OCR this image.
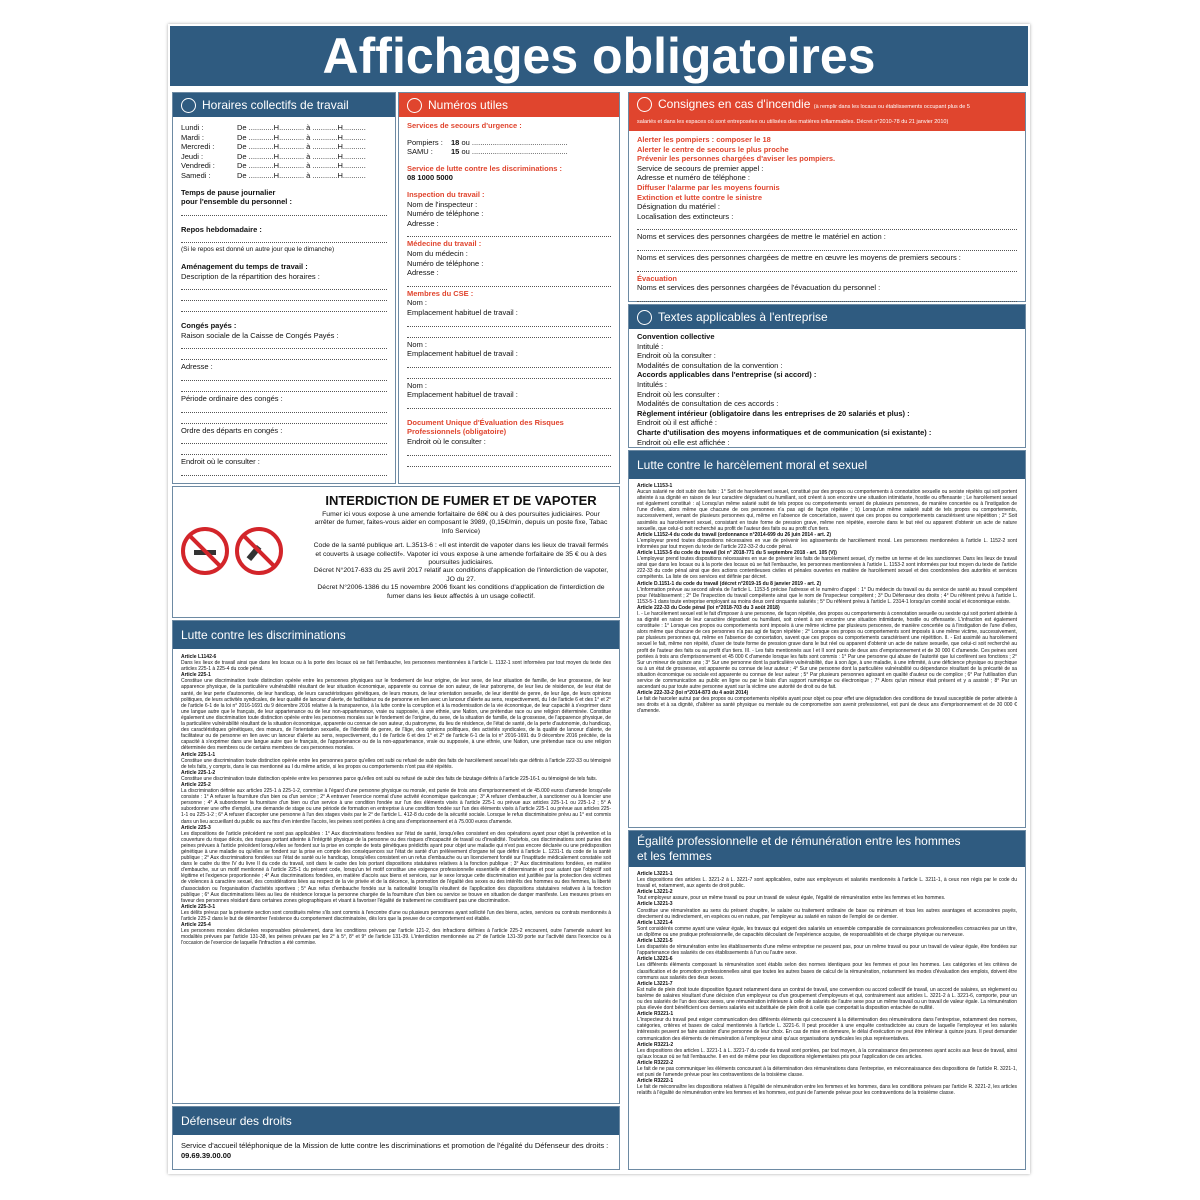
Affichages obligatoires
Horaires collectifs de travail
Lundi :	De ............H............ à ............H...........
Mardi :	De ............H............ à ............H...........
Mercredi :	De ............H............ à ............H...........
Jeudi :	De ............H............ à ............H...........
Vendredi :	De ............H............ à ............H...........
Samedi :	De ............H............ à ............H...........
Temps de pause journalier
pour l'ensemble du personnel :
Repos hebdomadaire :
(Si le repos est donné un autre jour que le dimanche)
Aménagement du temps de travail :
Description de la répartition des horaires :
Congés payés :
Raison sociale de la Caisse de Congés Payés :
Adresse :
Période ordinaire des congés :
Ordre des départs en congés :
Endroit où le consulter :
Numéros utiles
Services de secours d'urgence :
Pompiers : 18 ou ..............................................
SAMU : 15 ou ..............................................
Service de lutte contre les discriminations :
08 1000 5000
Inspection du travail :
Nom de l'inspecteur :
Numéro de téléphone :
Adresse :
Médecine du travail :
Nom du médecin :
Numéro de téléphone :
Adresse :
Membres du CSE :
Nom :
Emplacement habituel de travail :
Nom :
Emplacement habituel de travail :
Nom :
Emplacement habituel de travail :
Document Unique d'Évaluation des Risques
Professionnels (obligatoire)
Endroit où le consulter :
Consignes en cas d'incendie (à remplir dans les locaux ou établissements occupant plus de 5
salariés et dans les espaces où sont entreposées ou utilisées des matières inflammables. Décret n°2010-78 du 21 janvier 2010)
Alerter les pompiers : composer le 18
Alerter le centre de secours le plus proche
Prévenir les personnes chargées d'aviser les pompiers.
Service de secours de premier appel :
Adresse et numéro de téléphone :
Diffuser l'alarme par les moyens fournis
Extinction et lutte contre le sinistre
Désignation du matériel :
Localisation des extincteurs :
Noms et services des personnes chargées de mettre le matériel en action :
Noms et services des personnes chargées de mettre en œuvre les moyens de premiers secours :
Évacuation
Noms et services des personnes chargées de l'évacuation du personnel :
Textes applicables à l'entreprise
Convention collective
Intitulé :
Endroit où la consulter :
Modalités de consultation de la convention :
Accords applicables dans l'entreprise (si accord) :
Intitulés :
Endroit où les consulter :
Modalités de consultation de ces accords :
Règlement intérieur (obligatoire dans les entreprises de 20 salariés et plus) :
Endroit où il est affiché :
Charte d'utilisation des moyens informatiques et de communication (si existante) :
Endroit où elle est affichée :
INTERDICTION DE FUMER ET DE VAPOTER
Fumer ici vous expose à une amende forfaitaire de 68€ ou à des poursuites judiciaires. Pour arrêter de fumer, faites-vous aider en composant le 3989, (0,15€/min, depuis un poste fixe, Tabac Info Service)
Code de la santé publique art. L.3513-6 : «Il est interdit de vapoter dans les lieux de travail fermés et couverts à usage collectif». Vapoter ici vous expose à une amende forfaitaire de 35 € ou à des poursuites judiciaires.
Décret N°2017-633 du 25 avril 2017 relatif aux conditions d'application de l'interdiction de vapoter, JO du 27.
Décret N°2006-1386 du 15 novembre 2006 fixant les conditions d'application de l'interdiction de fumer dans les lieux affectés à un usage collectif.
Lutte contre les discriminations
Article L1142-6
Dans les lieux de travail ainsi que dans les locaux ou à la porte des locaux où se fait l'embauche, les personnes mentionnées à l'article L. 1132-1 sont informées par tout moyen du texte des articles 225-1 à 225-4 du code pénal.
Article 225-1
Constitue une discrimination toute distinction opérée entre les personnes physiques sur le fondement de leur origine, de leur sexe, de leur situation de famille, de leur grossesse, de leur apparence physique, de la particulière vulnérabilité résultant de leur situation économique, apparente ou connue de son auteur, de leur patronyme, de leur lieu de résidence, de leur état de santé, de leur perte d'autonomie, de leur handicap, de leurs caractéristiques génétiques, de leurs mœurs, de leur orientation sexuelle, de leur identité de genre, de leur âge, de leurs opinions politiques, de leurs activités syndicales, de leur qualité de lanceur d'alerte, de facilitateur ou de personne en lien avec un lanceur d'alerte au sens, respectivement, du I de l'article 6 et des 1° et 2° de l'article 6-1 de la loi n° 2016-1691 du 9 décembre 2016 relative à la transparence, à la lutte contre la corruption et à la modernisation de la vie économique, de leur capacité à s'exprimer dans une langue autre que le français, de leur appartenance ou de leur non-appartenance, vraie ou supposée, à une ethnie, une Nation, une prétendue race ou une religion déterminée. Constitue également une discrimination toute distinction opérée entre les personnes morales sur le fondement de l'origine, du sexe, de la situation de famille, de la grossesse, de l'apparence physique, de la particulière vulnérabilité résultant de la situation économique, apparente ou connue de son auteur, du patronyme, du lieu de résidence, de l'état de santé, de la perte d'autonomie, du handicap, des caractéristiques génétiques, des mœurs, de l'orientation sexuelle, de l'identité de genre, de l'âge, des opinions politiques, des activités syndicales, de la qualité de lanceur d'alerte, de facilitateur ou de personne en lien avec un lanceur d'alerte au sens, respectivement, du I de l'article 6 et des 1° et 2° de l'article 6-1 de la loi n° 2016-1691 du 9 décembre 2016 précitée, de la capacité à s'exprimer dans une langue autre que le français, de l'appartenance ou de la non-appartenance, vraie ou supposée, à une ethnie, une Nation, une prétendue race ou une religion déterminée des membres ou de certains membres de ces personnes morales.
Article 225-1-1
Constitue une discrimination toute distinction opérée entre les personnes parce qu'elles ont subi ou refusé de subir des faits de harcèlement sexuel tels que définis à l'article 222-33 ou témoigné de tels faits, y compris, dans le cas mentionné au I du même article, si les propos ou comportements n'ont pas été répétés.
Article 225-1-2
Constitue une discrimination toute distinction opérée entre les personnes parce qu'elles ont subi ou refusé de subir des faits de bizutage définis à l'article 225-16-1 ou témoigné de tels faits.
Article 225-2
La discrimination définie aux articles 225-1 à 225-1-2, commise à l'égard d'une personne physique ou morale, est punie de trois ans d'emprisonnement et de 45.000 euros d'amende lorsqu'elle consiste : 1° A refuser la fourniture d'un bien ou d'un service ; 2° A entraver l'exercice normal d'une activité économique quelconque ; 3° A refuser d'embaucher, à sanctionner ou à licencier une personne ; 4° A subordonner la fourniture d'un bien ou d'un service à une condition fondée sur l'un des éléments visés à l'article 225-1 ou prévue aux articles 225-1-1 ou 225-1-2 ; 5° A subordonner une offre d'emploi, une demande de stage ou une période de formation en entreprise à une condition fondée sur l'un des éléments visés à l'article 225-1 ou prévue aux articles 225-1-1 ou 225-1-2 ; 6° A refuser d'accepter une personne à l'un des stages visés par le 2° de l'article L. 412-8 du code de la sécurité sociale. Lorsque le refus discriminatoire prévu au 1° est commis dans un lieu accueillant du public ou aux fins d'en interdire l'accès, les peines sont portées à cinq ans d'emprisonnement et à 75.000 euros d'amende.
Article 225-3
Les dispositions de l'article précédent ne sont pas applicables : 1° Aux discriminations fondées sur l'état de santé, lorsqu'elles consistent en des opérations ayant pour objet la prévention et la couverture du risque décès, des risques portant atteinte à l'intégrité physique de la personne ou des risques d'incapacité de travail ou d'invalidité. Toutefois, ces discriminations sont punies des peines prévues à l'article précédent lorsqu'elles se fondent sur la prise en compte de tests génétiques prédictifs ayant pour objet une maladie qui n'est pas encore déclarée ou une prédisposition génétique à une maladie ou qu'elles se fondent sur la prise en compte des conséquences sur l'état de santé d'un prélèvement d'organe tel que défini à l'article L. 1231-1 du code de la santé publique ; 2° Aux discriminations fondées sur l'état de santé ou le handicap, lorsqu'elles consistent en un refus d'embauche ou un licenciement fondé sur l'inaptitude médicalement constatée soit dans le cadre du titre IV du livre II du code du travail, soit dans le cadre des lois portant dispositions statutaires relatives à la fonction publique ; 3° Aux discriminations fondées, en matière d'embauche, sur un motif mentionné à l'article 225-1 du présent code, lorsqu'un tel motif constitue une exigence professionnelle essentielle et déterminante et pour autant que l'objectif soit légitime et l'exigence proportionnée ; 4° Aux discriminations fondées, en matière d'accès aux biens et services, sur le sexe lorsque cette discrimination est justifiée par la protection des victimes de violences à caractère sexuel, des considérations liées au respect de la vie privée et de la décence, la promotion de l'égalité des sexes ou des intérêts des hommes ou des femmes, la liberté d'association ou l'organisation d'activités sportives ; 5° Aux refus d'embauche fondés sur la nationalité lorsqu'ils résultent de l'application des dispositions statutaires relatives à la fonction publique ; 6° Aux discriminations liées au lieu de résidence lorsque la personne chargée de la fourniture d'un bien ou service se trouve en situation de danger manifeste. Les mesures prises en faveur des personnes résidant dans certaines zones géographiques et visant à favoriser l'égalité de traitement ne constituent pas une discrimination.
Article 225-3-1
Les délits prévus par la présente section sont constitués même s'ils sont commis à l'encontre d'une ou plusieurs personnes ayant sollicité l'un des biens, actes, services ou contrats mentionnés à l'article 225-2 dans le but de démontrer l'existence du comportement discriminatoire, dès lors que la preuve de ce comportement est établie.
Article 225-4
Les personnes morales déclarées responsables pénalement, dans les conditions prévues par l'article 121-2, des infractions définies à l'article 225-2 encourent, outre l'amende suivant les modalités prévues par l'article 131-38, les peines prévues par les 2° à 5°, 8° et 9° de l'article 131-39. L'interdiction mentionnée au 2° de l'article 131-39 porte sur l'activité dans l'exercice ou à l'occasion de l'exercice de laquelle l'infraction a été commise.
Défenseur des droits
Service d'accueil téléphonique de la Mission de lutte contre les discriminations et promotion de l'égalité du Défenseur des droits :
09.69.39.00.00
Lutte contre le harcèlement moral et sexuel
Article L1153-1
Aucun salarié ne doit subir des faits : 1° Soit de harcèlement sexuel, constitué par des propos ou comportements à connotation sexuelle ou sexiste répétés qui soit portent atteinte à sa dignité en raison de leur caractère dégradant ou humiliant, soit créent à son encontre une situation intimidante, hostile ou offensante ; Le harcèlement sexuel est également constitué : a) Lorsqu'un même salarié subit de tels propos ou comportements venant de plusieurs personnes, de manière concertée ou à l'instigation de l'une d'elles, alors même que chacune de ces personnes n'a pas agi de façon répétée ; b) Lorsqu'un même salarié subit de tels propos ou comportements, successivement, venant de plusieurs personnes qui, même en l'absence de concertation, savent que ces propos ou comportements caractérisent une répétition ; 2° Soit assimilés au harcèlement sexuel, consistant en toute forme de pression grave, même non répétée, exercée dans le but réel ou apparent d'obtenir un acte de nature sexuelle, que celui-ci soit recherché au profit de l'auteur des faits ou au profit d'un tiers.
Article L1152-4 du code du travail (ordonnance n°2014-699 du 26 juin 2014 - art. 2)
L'employeur prend toutes dispositions nécessaires en vue de prévenir les agissements de harcèlement moral. Les personnes mentionnées à l'article L. 1152-2 sont informées par tout moyen du texte de l'article 222-33-2 du code pénal.
Article L1153-5 du code du travail (loi n° 2018-771 du 5 septembre 2018 - art. 105 (V))
L'employeur prend toutes dispositions nécessaires en vue de prévenir les faits de harcèlement sexuel, d'y mettre un terme et de les sanctionner. Dans les lieux de travail ainsi que dans les locaux ou à la porte des locaux où se fait l'embauche, les personnes mentionnées à l'article L. 1153-2 sont informées par tout moyen du texte de l'article 222-33 du code pénal ainsi que des actions contentieuses civiles et pénales ouvertes en matière de harcèlement sexuel et des coordonnées des autorités et services compétents. La liste de ces services est définie par décret.
Article D.1151-1 du code du travail (décret n°2019-15 du 8 janvier 2019 - art. 2)
L'information prévue au second alinéa de l'article L. 1153-5 précise l'adresse et le numéro d'appel : 1° Du médecin du travail ou du service de santé au travail compétent pour l'établissement ; 2° De l'inspection du travail compétente ainsi que le nom de l'inspecteur compétent ; 3° Du Défenseur des droits ; 4° Du référent prévu à l'article L. 1153-5-1 dans toute entreprise employant au moins deux cent cinquante salariés ; 5° Du référent prévu à l'article L. 2314-1 lorsqu'un comité social et économique existe.
Article 222-33 du Code pénal (loi n°2018-703 du 3 août 2018)
I. - Le harcèlement sexuel est le fait d'imposer à une personne, de façon répétée, des propos ou comportements à connotation sexuelle ou sexiste qui soit portent atteinte à sa dignité en raison de leur caractère dégradant ou humiliant, soit créent à son encontre une situation intimidante, hostile ou offensante. L'infraction est également constituée : 1° Lorsque ces propos ou comportements sont imposés à une même victime par plusieurs personnes, de manière concertée ou à l'instigation de l'une d'elles, alors même que chacune de ces personnes n'a pas agi de façon répétée ; 2° Lorsque ces propos ou comportements sont imposés à une même victime, successivement, par plusieurs personnes qui, même en l'absence de concertation, savent que ces propos ou comportements caractérisent une répétition. II. - Est assimilé au harcèlement sexuel le fait, même non répété, d'user de toute forme de pression grave dans le but réel ou apparent d'obtenir un acte de nature sexuelle, que celui-ci soit recherché au profit de l'auteur des faits ou au profit d'un tiers. III. - Les faits mentionnés aux I et II sont punis de deux ans d'emprisonnement et de 30 000 € d'amende. Ces peines sont portées à trois ans d'emprisonnement et 45 000 € d'amende lorsque les faits sont commis : 1° Par une personne qui abuse de l'autorité que lui confèrent ses fonctions ; 2° Sur un mineur de quinze ans ; 3° Sur une personne dont la particulière vulnérabilité, due à son âge, à une maladie, à une infirmité, à une déficience physique ou psychique ou à un état de grossesse, est apparente ou connue de leur auteur ; 4° Sur une personne dont la particulière vulnérabilité ou dépendance résultant de la précarité de sa situation économique ou sociale est apparente ou connue de leur auteur ; 5° Par plusieurs personnes agissant en qualité d'auteur ou de complice ; 6° Par l'utilisation d'un service de communication au public en ligne ou par le biais d'un support numérique ou électronique ; 7° Alors qu'un mineur était présent et y a assisté ; 8° Par un ascendant ou par toute autre personne ayant sur la victime une autorité de droit ou de fait.
Article 222-33-2 (loi n°2014-873 du 4 août 2014)
Le fait de harceler autrui par des propos ou comportements répétés ayant pour objet ou pour effet une dégradation des conditions de travail susceptible de porter atteinte à ses droits et à sa dignité, d'altérer sa santé physique ou mentale ou de compromettre son avenir professionnel, est puni de deux ans d'emprisonnement et de 30 000 € d'amende.
Égalité professionnelle et de rémunération entre les hommes
et les femmes
Article L3221-1
Les dispositions des articles L. 3221-2 à L. 3221-7 sont applicables, outre aux employeurs et salariés mentionnés à l'article L. 3211-1, à ceux non régis par le code du travail et, notamment, aux agents de droit public.
Article L3221-2
Tout employeur assure, pour un même travail ou pour un travail de valeur égale, l'égalité de rémunération entre les femmes et les hommes.
Article L3221-3
Constitue une rémunération au sens du présent chapitre, le salaire ou traitement ordinaire de base ou minimum et tous les autres avantages et accessoires payés, directement ou indirectement, en espèces ou en nature, par l'employeur au salarié en raison de l'emploi de ce dernier.
Article L3221-4
Sont considérés comme ayant une valeur égale, les travaux qui exigent des salariés un ensemble comparable de connaissances professionnelles consacrées par un titre, un diplôme ou une pratique professionnelle, de capacités découlant de l'expérience acquise, de responsabilités et de charge physique ou nerveuse.
Article L3221-5
Les disparités de rémunération entre les établissements d'une même entreprise ne peuvent pas, pour un même travail ou pour un travail de valeur égale, être fondées sur l'appartenance des salariés de ces établissements à l'un ou l'autre sexe.
Article L3221-6
Les différents éléments composant la rémunération sont établis selon des normes identiques pour les femmes et pour les hommes. Les catégories et les critères de classification et de promotion professionnelles ainsi que toutes les autres bases de calcul de la rémunération, notamment les modes d'évaluation des emplois, doivent être communs aux salariés des deux sexes.
Article L3221-7
Est nulle de plein droit toute disposition figurant notamment dans un contrat de travail, une convention ou accord collectif de travail, un accord de salaires, un règlement ou barème de salaires résultant d'une décision d'un employeur ou d'un groupement d'employeurs et qui, contrairement aux articles L. 3221-2 à L. 3221-6, comporte, pour un ou des salariés de l'un des deux sexes, une rémunération inférieure à celle de salariés de l'autre sexe pour un même travail ou un travail de valeur égale. La rémunération plus élevée dont bénéficient ces derniers salariés est substituée de plein droit à celle que comportait la disposition entachée de nullité.
Article R3221-1
L'inspecteur du travail peut exiger communication des différents éléments qui concourent à la détermination des rémunérations dans l'entreprise, notamment des normes, catégories, critères et bases de calcul mentionnés à l'article L. 3221-6. Il peut procéder à une enquête contradictoire au cours de laquelle l'employeur et les salariés intéressés peuvent se faire assister d'une personne de leur choix. En cas de mise en demeure, le délai d'exécution ne peut être inférieur à quinze jours. Il peut demander communication des éléments de rémunération à l'employeur ainsi qu'aux organisations syndicales les plus représentatives.
Article R3221-2
Les dispositions des articles L. 3221-1 à L. 3221-7 du code du travail sont portées, par tout moyen, à la connaissance des personnes ayant accès aux lieux de travail, ainsi qu'aux locaux où se fait l'embauche. Il en est de même pour les dispositions réglementaires pris pour l'application de ces articles.
Article R3222-2
Le fait de ne pas communiquer les éléments concourant à la détermination des rémunérations dans l'entreprise, en méconnaissance des dispositions de l'article R. 3221-1, est puni de l'amende prévue pour les contraventions de la troisième classe.
Article R3222-1
Le fait de méconnaître les dispositions relatives à l'égalité de rémunération entre les femmes et les hommes, dans les conditions prévues par l'article R. 3221-2, les articles relatifs à l'égalité de rémunération entre les femmes et les hommes, est puni de l'amende prévue pour les contraventions de la troisième classe.
